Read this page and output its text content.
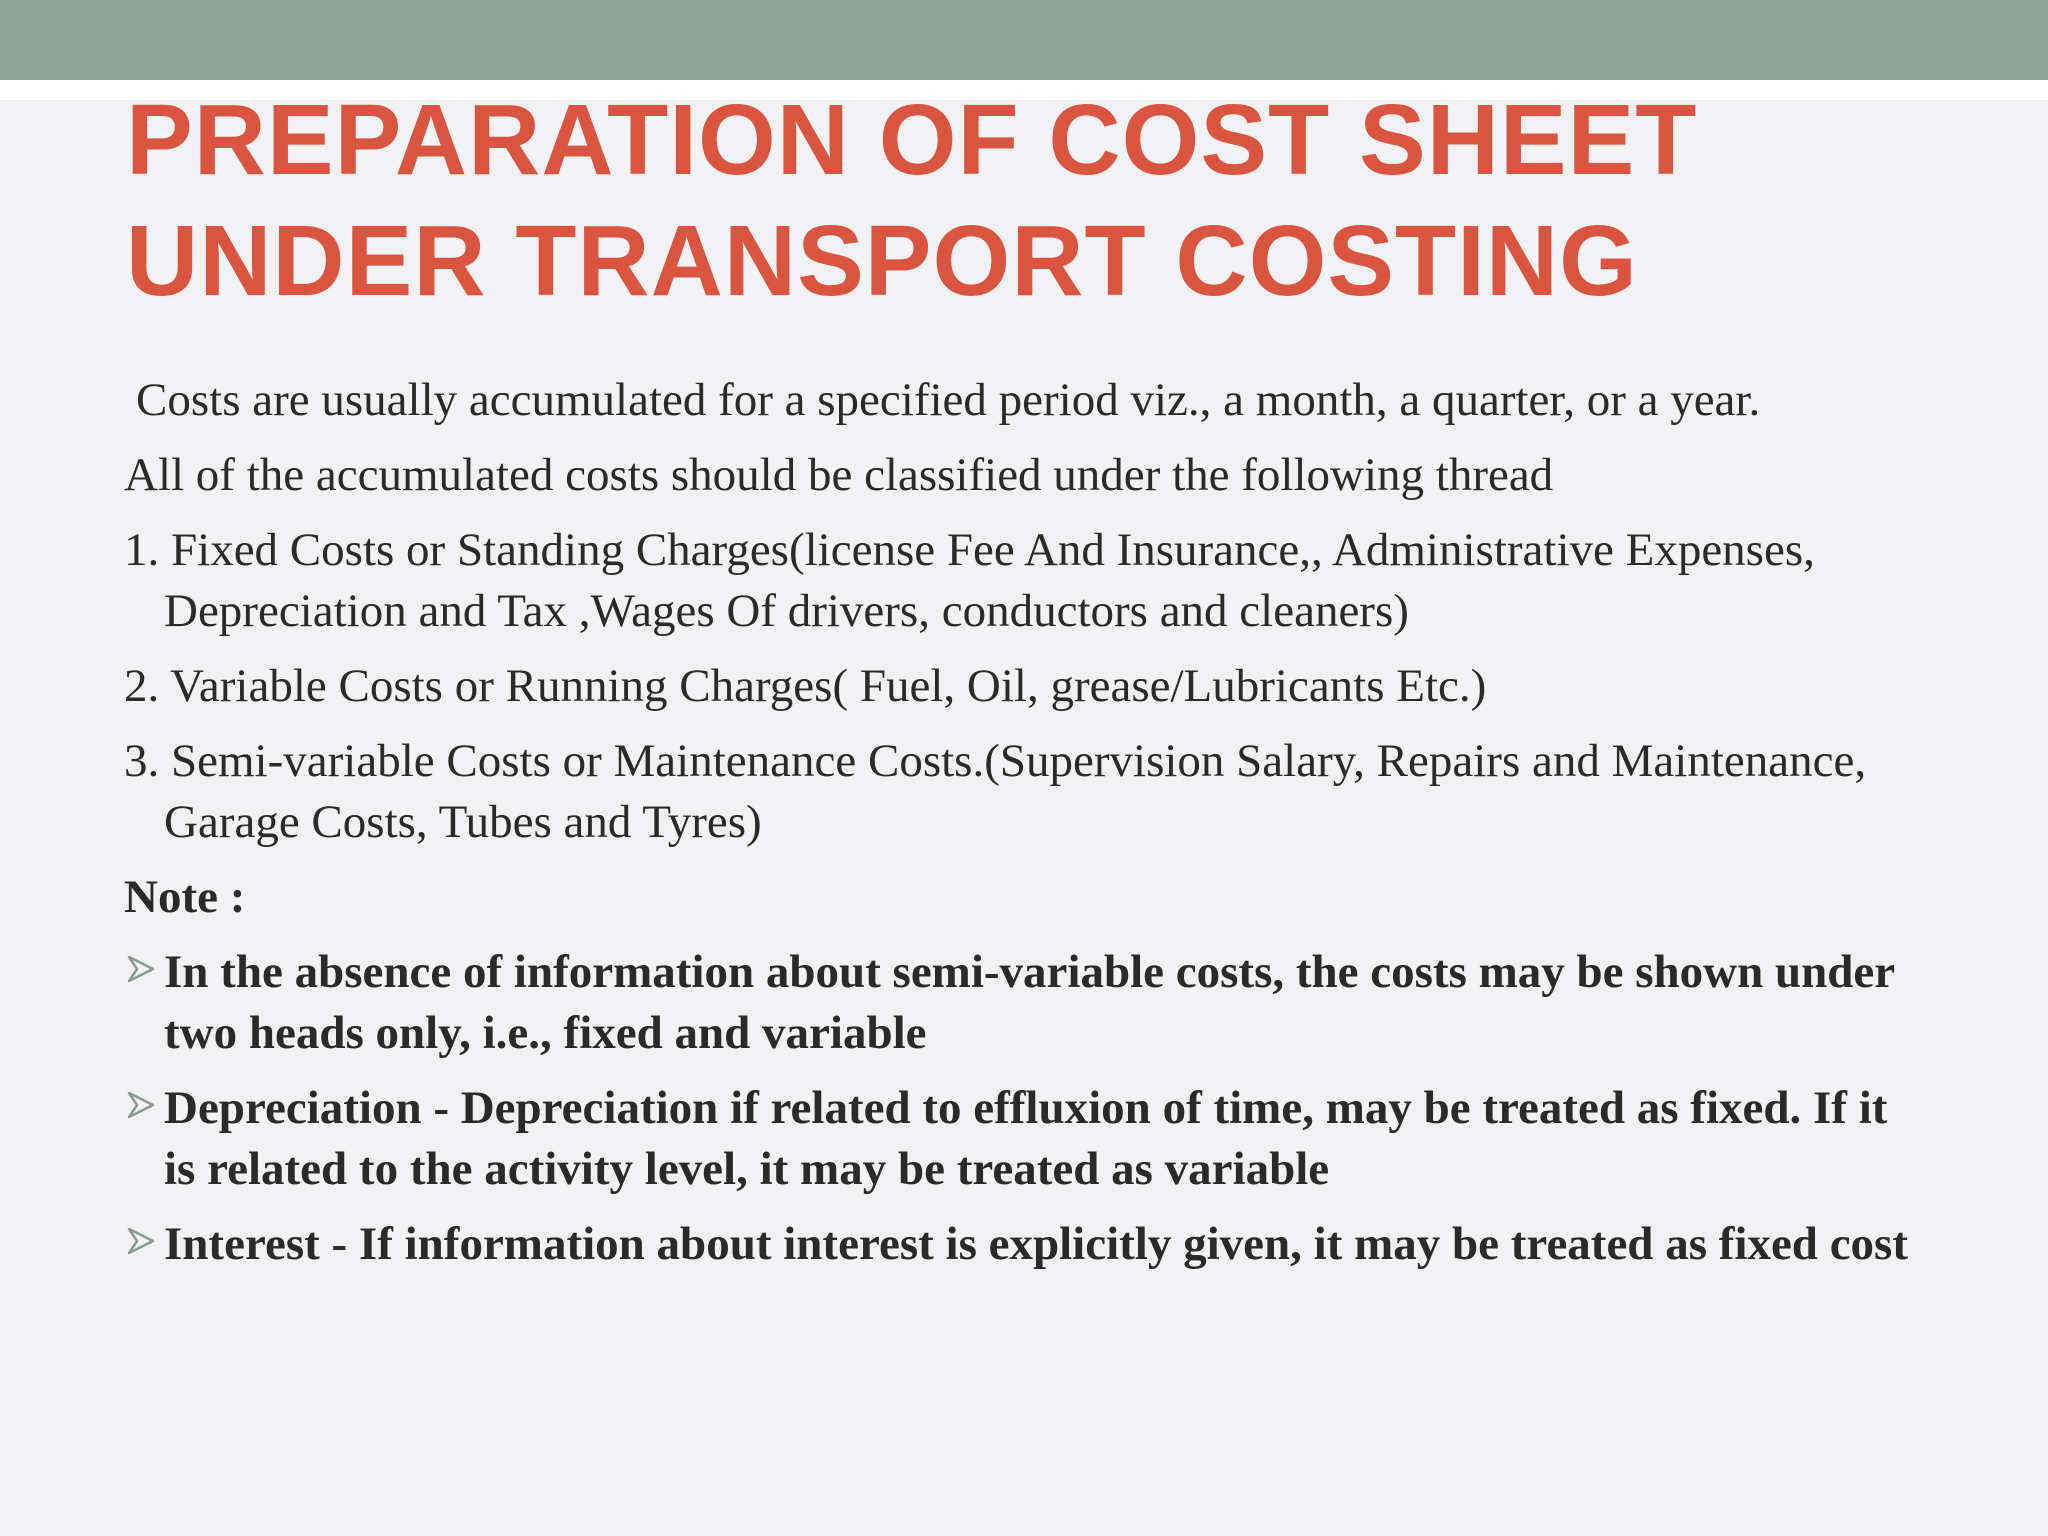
PREPARATION OF COST SHEET
UNDER TRANSPORT COSTING

Costs are usually accumulated for a specified period viz., a month, a quarter, or a year.

All of the accumulated costs should be classified under the following thread

1. Fixed Costs or Standing Charges(license Fee And Insurance,, Administrative Expenses, Depreciation and Tax ,Wages Of drivers, conductors and cleaners)

2. Variable Costs or Running Charges( Fuel, Oil, grease/Lubricants Etc.)

3. Semi-variable Costs or Maintenance Costs.(Supervision Salary, Repairs and Maintenance, Garage Costs, Tubes and Tyres)

Note :

In the absence of information about semi-variable costs, the costs may be shown under two heads only, i.e., fixed and variable
Depreciation - Depreciation if related to effluxion of time, may be treated as fixed. If it is related to the activity level, it may be treated as variable
Interest - If information about interest is explicitly given, it may be treated as fixed cost
